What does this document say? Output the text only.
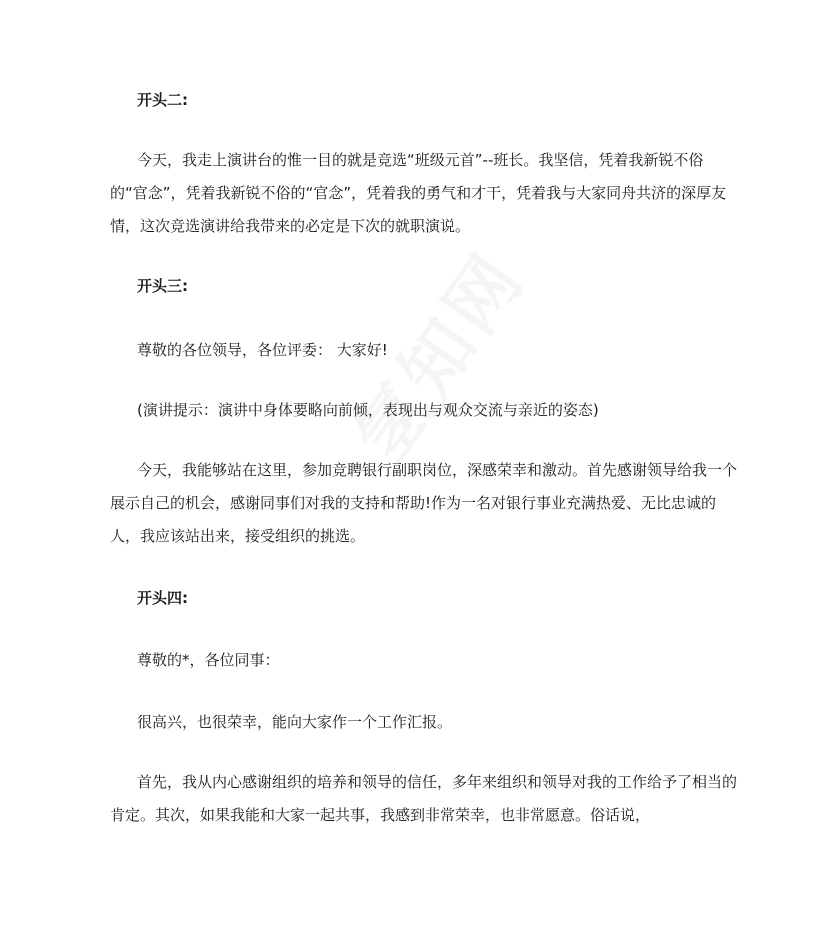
开头二:

今天，我走上演讲台的惟一目的就是竞选“班级元首”--班长。我坚信，凭着我新锐不俗的“官念”，凭着我新锐不俗的“官念”，凭着我的勇气和才干，凭着我与大家同舟共济的深厚友情，这次竞选演讲给我带来的必定是下次的就职演说。

开头三:

尊敬的各位领导，各位评委： 大家好!

(演讲提示：演讲中身体要略向前倾，表现出与观众交流与亲近的姿态)

今天，我能够站在这里，参加竞聘银行副职岗位，深感荣幸和激动。首先感谢领导给我一个展示自己的机会，感谢同事们对我的支持和帮助!作为一名对银行事业充满热爱、无比忠诚的人，我应该站出来，接受组织的挑选。

开头四:

尊敬的*，各位同事：

很高兴，也很荣幸，能向大家作一个工作汇报。

首先，我从内心感谢组织的培养和领导的信任，多年来组织和领导对我的工作给予了相当的肯定。其次，如果我能和大家一起共事，我感到非常荣幸，也非常愿意。俗话说，
